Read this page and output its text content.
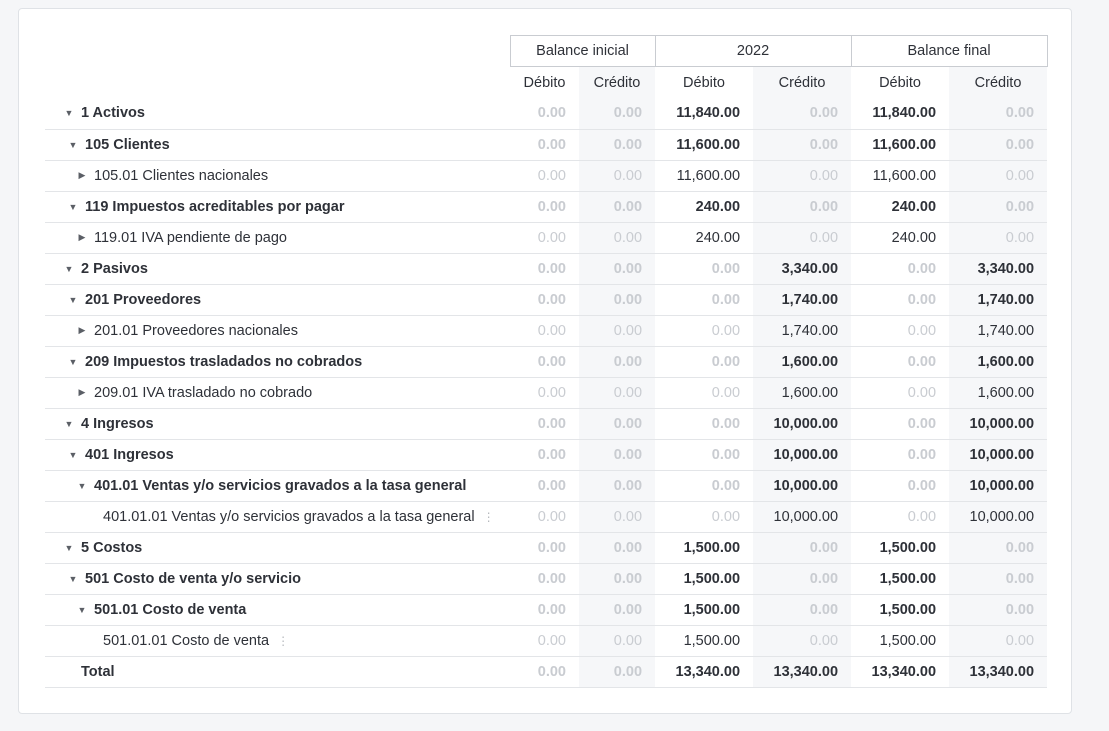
	Balance inicial		2022		Balance final	
	Débito	Crédito	Débito	Crédito	Débito	Crédito
▼ 1 Activos	0.00	0.00	11,840.00	0.00	11,840.00	0.00
▼ 105 Clientes	0.00	0.00	11,600.00	0.00	11,600.00	0.00
▶ 105.01 Clientes nacionales	0.00	0.00	11,600.00	0.00	11,600.00	0.00
▼ 119 Impuestos acreditables por pagar	0.00	0.00	240.00	0.00	240.00	0.00
▶ 119.01 IVA pendiente de pago	0.00	0.00	240.00	0.00	240.00	0.00
▼ 2 Pasivos	0.00	0.00	0.00	3,340.00	0.00	3,340.00
▼ 201 Proveedores	0.00	0.00	0.00	1,740.00	0.00	1,740.00
▶ 201.01 Proveedores nacionales	0.00	0.00	0.00	1,740.00	0.00	1,740.00
▼ 209 Impuestos trasladados no cobrados	0.00	0.00	0.00	1,600.00	0.00	1,600.00
▶ 209.01 IVA trasladado no cobrado	0.00	0.00	0.00	1,600.00	0.00	1,600.00
▼ 4 Ingresos	0.00	0.00	0.00	10,000.00	0.00	10,000.00
▼ 401 Ingresos	0.00	0.00	0.00	10,000.00	0.00	10,000.00
▼ 401.01 Ventas y/o servicios gravados a la tasa general	0.00	0.00	0.00	10,000.00	0.00	10,000.00
401.01.01 Ventas y/o servicios gravados a la tasa general ⋮	0.00	0.00	0.00	10,000.00	0.00	10,000.00
▼ 5 Costos	0.00	0.00	1,500.00	0.00	1,500.00	0.00
▼ 501 Costo de venta y/o servicio	0.00	0.00	1,500.00	0.00	1,500.00	0.00
▼ 501.01 Costo de venta	0.00	0.00	1,500.00	0.00	1,500.00	0.00
501.01.01 Costo de venta ⋮	0.00	0.00	1,500.00	0.00	1,500.00	0.00
Total	0.00	0.00	13,340.00	13,340.00	13,340.00	13,340.00
